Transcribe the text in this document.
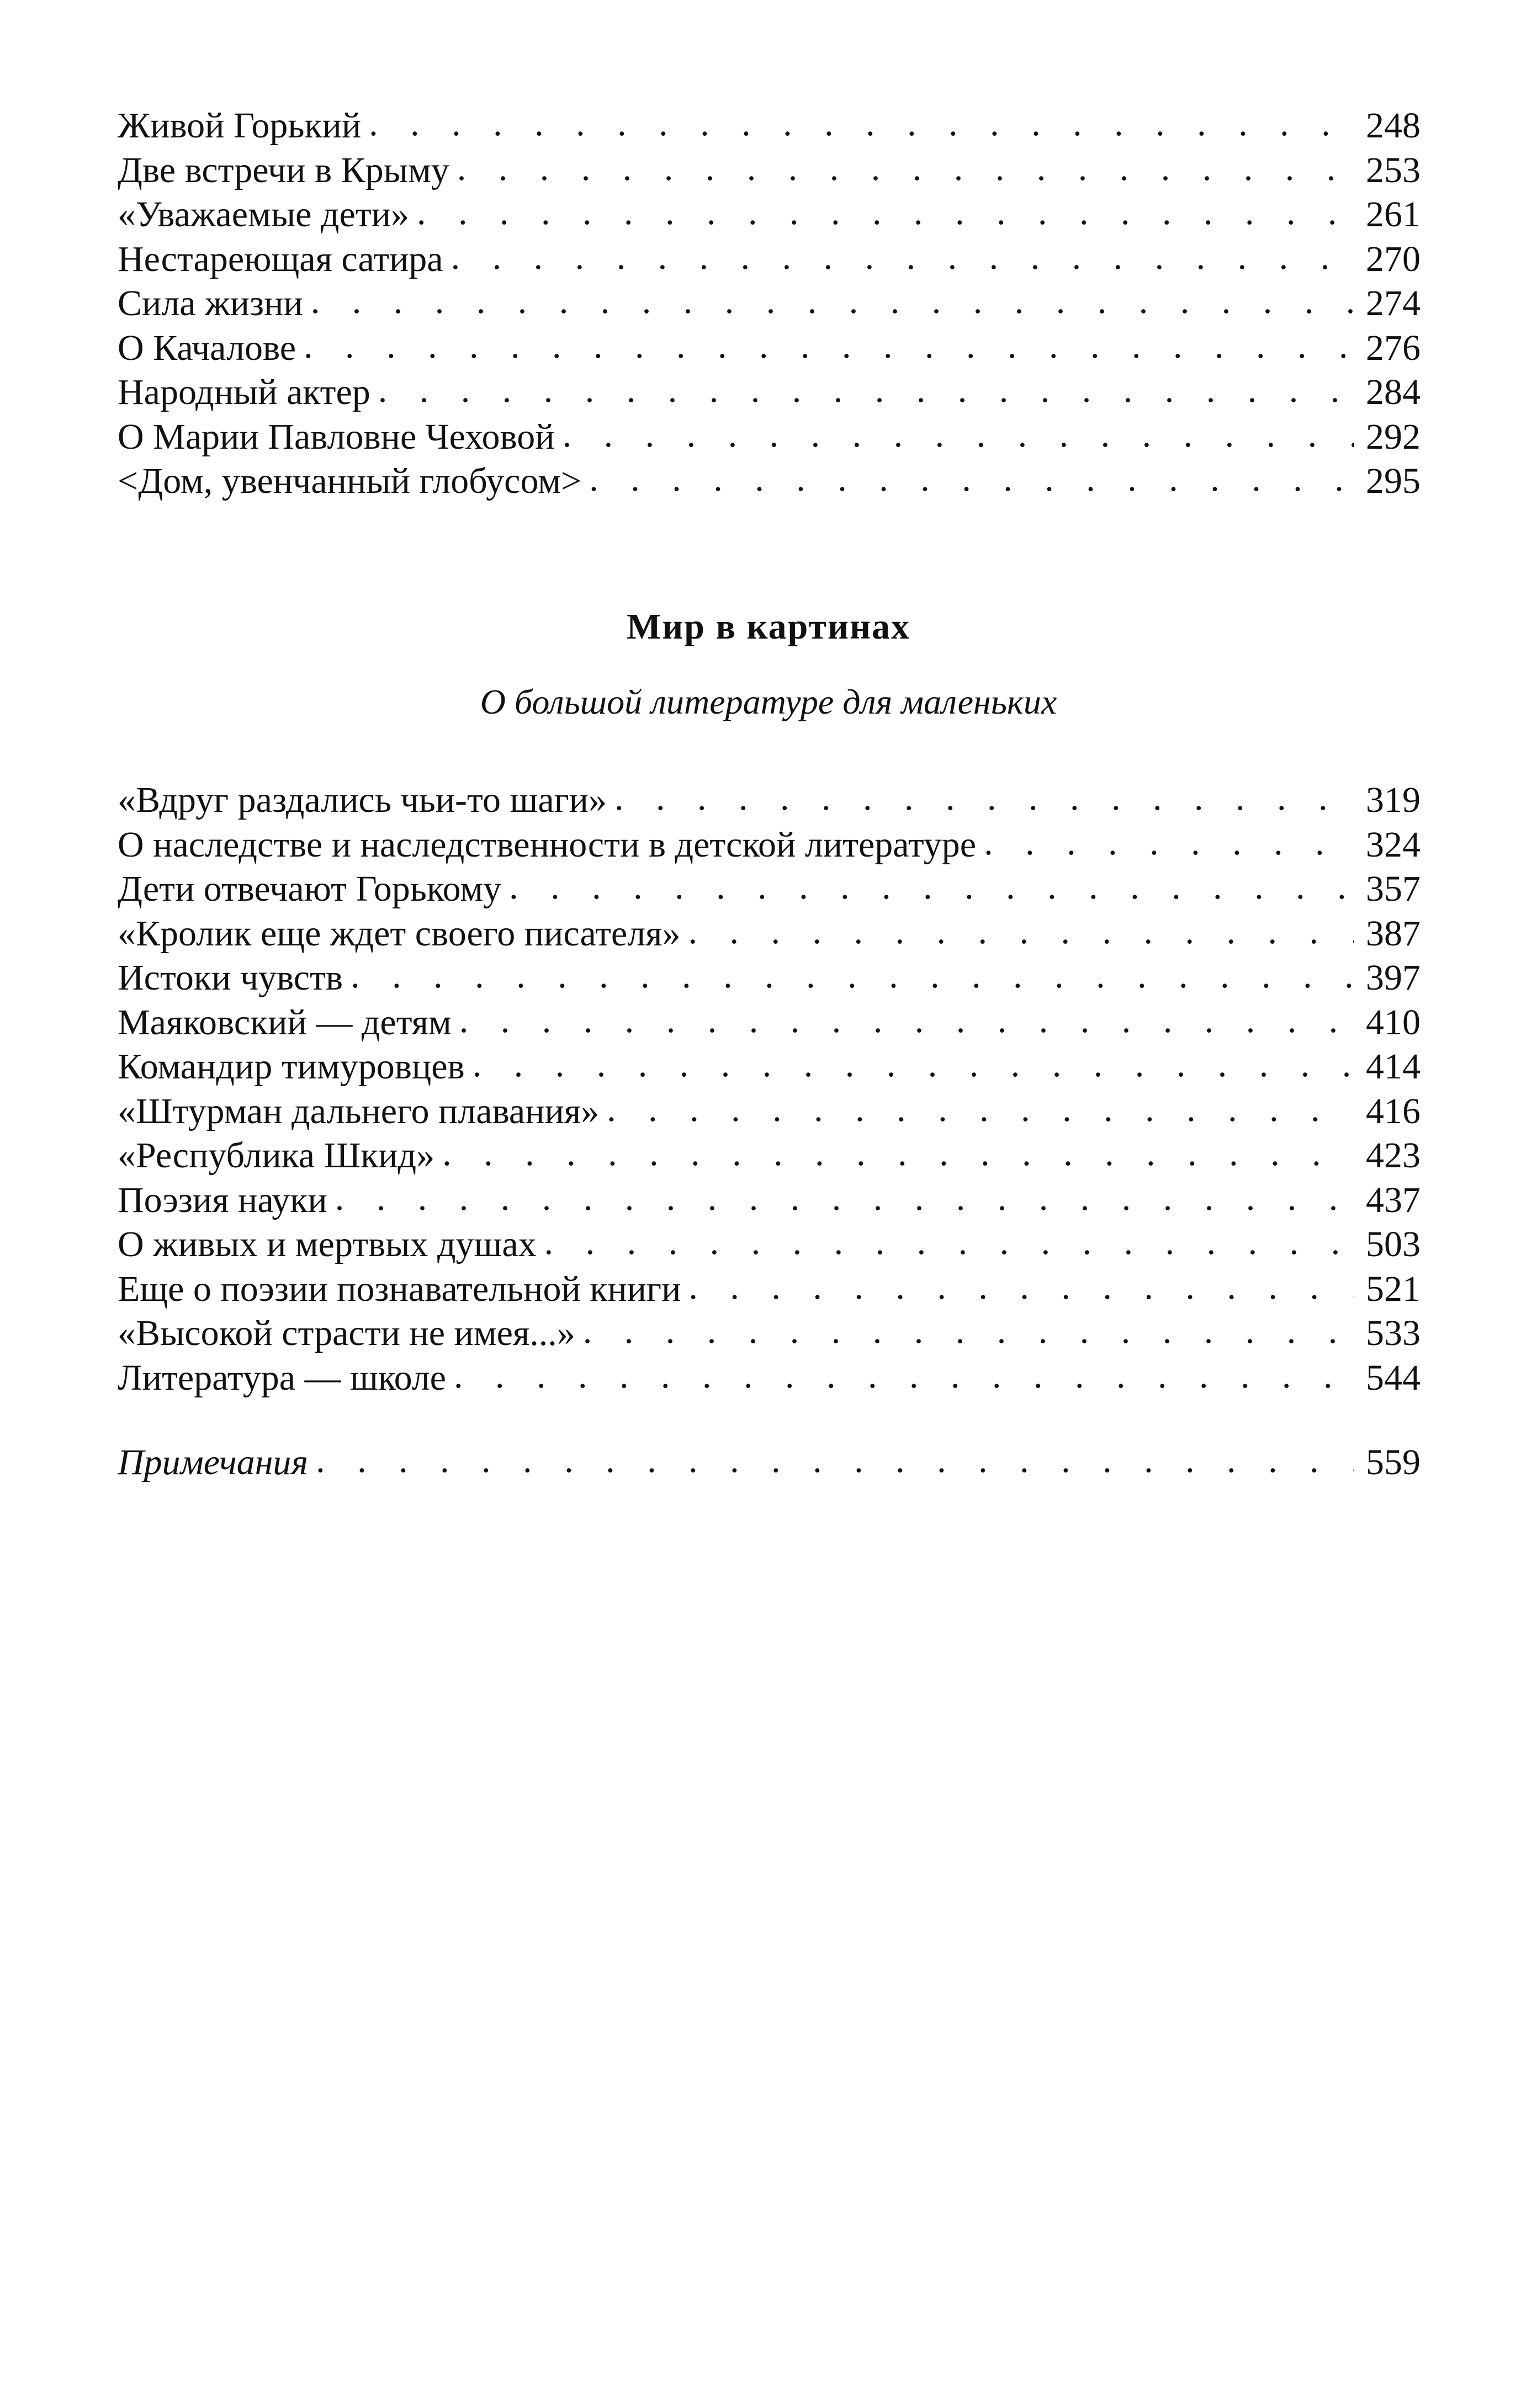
Живой Горький . . .	248
Две встречи в Крыму . . .	253
«Уважаемые дети» . . .	261
Нестареющая сатира . . .	270
Сила жизни . . .	274
О Качалове . . .	276
Народный актер . . .	284
О Марии Павловне Чеховой . . .	292
<Дом, увенчанный глобусом> . . .	295
Мир в картинах
О большой литературе для маленьких
«Вдруг раздались чьи-то шаги» . . .	319
О наследстве и наследственности в детской литературе . . .	324
Дети отвечают Горькому . . .	357
«Кролик еще ждет своего писателя» . . .	387
Истоки чувств . . .	397
Маяковский — детям . . .	410
Командир тимуровцев . . .	414
«Штурман дальнего плавания» . . .	416
«Республика Шкид» . . .	423
Поэзия науки . . .	437
О живых и мертвых душах . . .	503
Еще о поэзии познавательной книги . . .	521
«Высокой страсти не имея...» . . .	533
Литература — школе . . .	544
Примечания . . .	559
